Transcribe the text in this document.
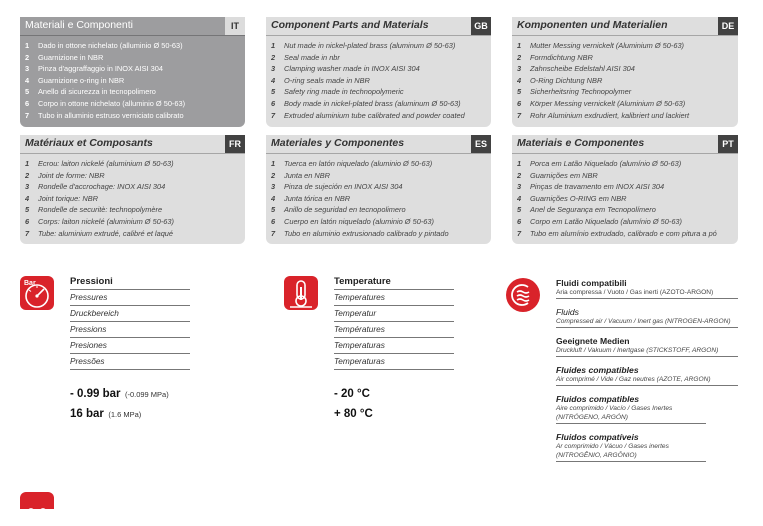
Materiali e Componenti	IT
1 Dado in ottone nichelato (alluminio Ø 50-63)
2 Guarnizione in NBR
3 Pinza d'aggraffaggio in INOX AISI 304
4 Guarnizione o-ring in NBR
5 Anello di sicurezza in tecnopolimero
6 Corpo in ottone nichelato (alluminio Ø 50-63)
7 Tubo in alluminio estruso verniciato calibrato
Component Parts and Materials	GB
1 Nut made in nickel-plated brass (aluminum Ø 50-63)
2 Seal made in nbr
3 Clamping washer made in INOX AISI 304
4 O-ring seals made in NBR
5 Safety ring made in technopolymeric
6 Body made in nickel-plated brass (aluminum Ø 50-63)
7 Extruded aluminium tube calibrated and powder coated
Komponenten und Materialien	DE
1 Mutter Messing vernickelt (Aluminium Ø 50-63)
2 Formdichtung NBR
3 Zahnscheibe Edelstahl AISI 304
4 O-Ring Dichtung NBR
5 Sicherheitsring Technopolymer
6 Körper Messing vernickelt (Aluminium Ø 50-63)
7 Rohr Aluminium exdrudiert, kalibriert und lackiert
Matériaux et Composants	FR
1 Ecrou: laiton nickelé (aluminium Ø 50-63)
2 Joint de forme: NBR
3 Rondelle d'accrochage: INOX AISI 304
4 Joint torique: NBR
5 Rondelle de securitè: technopolymère
6 Corps: laiton nickelé (aluminium Ø 50-63)
7 Tube: aluminium extrudé, calibré et laqué
Materiales y Componentes	ES
1 Tuerca en latón niquelado (aluminio Ø 50-63)
2 Junta en NBR
3 Pinza de sujeción en INOX AISI 304
4 Junta tórica en NBR
5 Anillo de seguridad en tecnopolimero
6 Cuerpo en latón niquelado (aluminio Ø 50-63)
7 Tubo en aluminio extrusionado calibrado y pintado
Materiais e Componentes	PT
1 Porca em Latão Niquelado (alumínio Ø 50-63)
2 Guarnições em NBR
3 Pinças de travamento em INOX AISI 304
4 Guarnições O-RING em NBR
5 Anel de Segurança em Tecnopolímero
6 Corpo em Latão Niquelado (alumínio Ø 50-63)
7 Tubo em alumínio extrudado, calibrado e com pitura a pó
Bar	Pressioni
Pressures
Druckbereich
Pressions
Presiones
Pressões
- 0.99 bar (-0.099 MPa)
16 bar (1.6 MPa)
Temperature
Temperatures
Temperatur
Températures
Temperaturas
Temperaturas
- 20 °C
+ 80 °C
Fluidi compatibili
Aria compressa / Vuoto / Gas inerti (AZOTO-ARGON)
Fluids
Compressed air / Vacuum / Inert gas (NITROGEN-ARGON)
Geeignete Medien
Druckluft / Vakuum / Inertgase (STICKSTOFF, ARGON)
Fluides compatibles
Air comprimé / Vide / Gaz neutres (AZOTE, ARGON)
Fluidos compatibles
Aire comprimido / Vacío / Gases Inertes (NITRÓGENO, ARGÓN)
Fluidos compatíveis
Ar comprimido / Vácuo / Gases inertes (NITROGÊNIO, ARGÔNIO)
